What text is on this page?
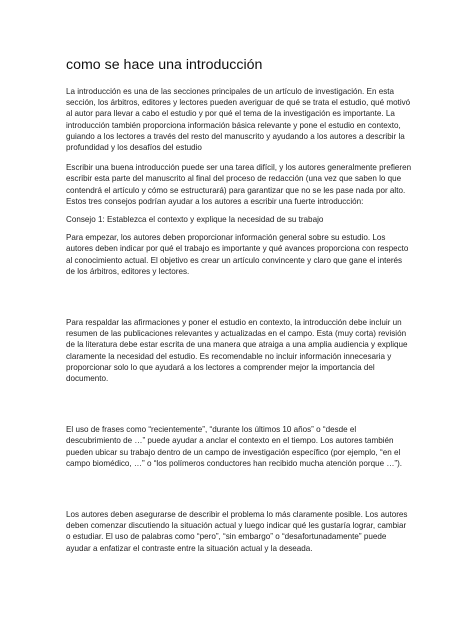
como se hace una introducción

La introducción es una de las secciones principales de un artículo de investigación. En esta sección, los árbitros, editores y lectores pueden averiguar de qué se trata el estudio, qué motivó al autor para llevar a cabo el estudio y por qué el tema de la investigación es importante. La introducción también proporciona información básica relevante y pone el estudio en contexto, guiando a los lectores a través del resto del manuscrito y ayudando a los autores a describir la profundidad y los desafíos del estudio

Escribir una buena introducción puede ser una tarea difícil, y los autores generalmente prefieren escribir esta parte del manuscrito al final del proceso de redacción (una vez que saben lo que contendrá el artículo y cómo se estructurará) para garantizar que no se les pase nada por alto. Estos tres consejos podrían ayudar a los autores a escribir una fuerte introducción:

Consejo 1: Establezca el contexto y explique la necesidad de su trabajo

Para empezar, los autores deben proporcionar información general sobre su estudio. Los autores deben indicar por qué el trabajo es importante y qué avances proporciona con respecto al conocimiento actual. El objetivo es crear un artículo convincente y claro que gane el interés de los árbitros, editores y lectores.

Para respaldar las afirmaciones y poner el estudio en contexto, la introducción debe incluir un resumen de las publicaciones relevantes y actualizadas en el campo. Esta (muy corta) revisión de la literatura debe estar escrita de una manera que atraiga a una amplia audiencia y explique claramente la necesidad del estudio. Es recomendable no incluir información innecesaria y proporcionar solo lo que ayudará a los lectores a comprender mejor la importancia del documento.

El uso de frases como “recientemente”, “durante los últimos 10 años” o “desde el descubrimiento de …” puede ayudar a anclar el contexto en el tiempo. Los autores también pueden ubicar su trabajo dentro de un campo de investigación específico (por ejemplo, “en el campo biomédico, …” o “los polímeros conductores han recibido mucha atención porque …”).

Los autores deben asegurarse de describir el problema lo más claramente posible. Los autores deben comenzar discutiendo la situación actual y luego indicar qué les gustaría lograr, cambiar o estudiar. El uso de palabras como “pero”, “sin embargo” o “desafortunadamente” puede ayudar a enfatizar el contraste entre la situación actual y la deseada.
